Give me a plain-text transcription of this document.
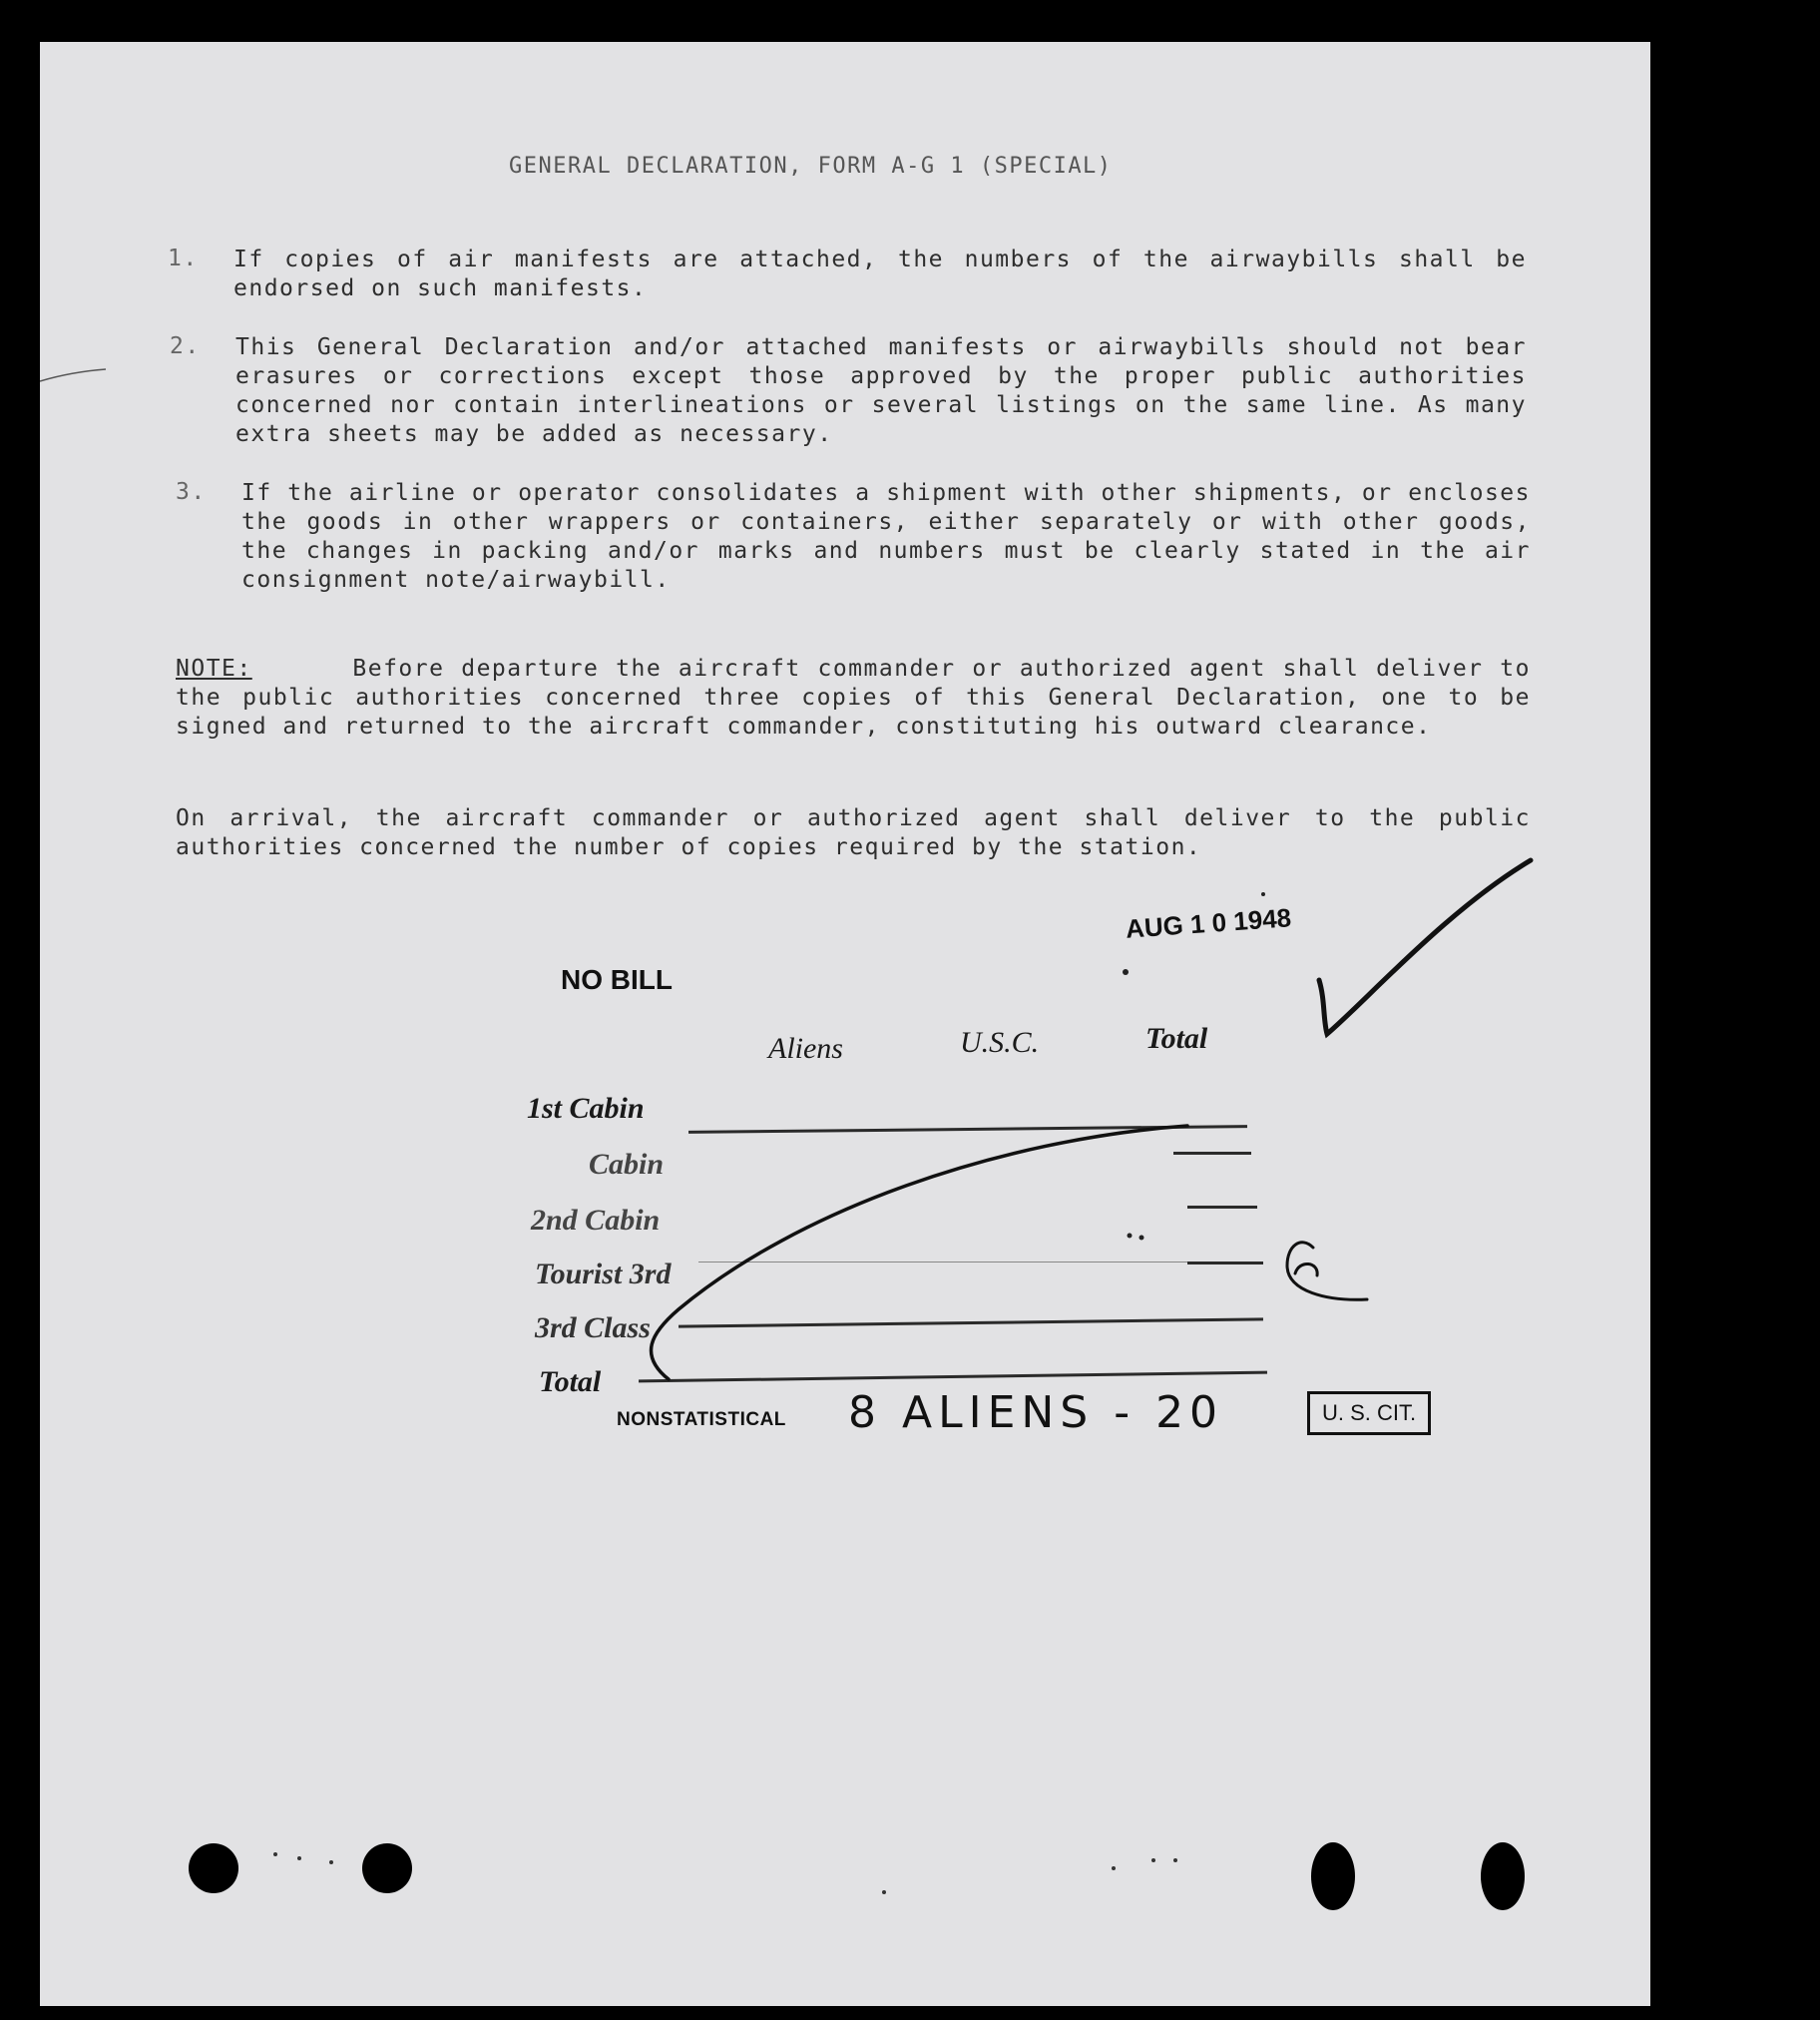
GENERAL DECLARATION, FORM A-G 1 (SPECIAL)
1. If copies of air manifests are attached, the numbers of the airwaybills shall be endorsed on such manifests.
2. This General Declaration and/or attached manifests or airwaybills should not bear erasures or corrections except those approved by the proper public authorities concerned nor contain interlineations or several listings on the same line. As many extra sheets may be added as necessary.
3. If the airline or operator consolidates a shipment with other shipments, or encloses the goods in other wrappers or containers, either separately or with other goods, the changes in packing and/or marks and numbers must be clearly stated in the air consignment note/airwaybill.
NOTE:	Before departure the aircraft commander or authorized agent shall deliver to the public authorities concerned three copies of this General Declaration, one to be signed and returned to the aircraft commander, constituting his outward clearance.
On arrival, the aircraft commander or authorized agent shall deliver to the public authorities concerned the number of copies required by the station.
AUG 1 0 1948
NO BILL
Aliens	U.S.C.	Total
1st Cabin
Cabin
2nd Cabin
Tourist 3rd
3rd Class
Total
NONSTATISTICAL 8 ALIENS - 20	U. S. CIT.
